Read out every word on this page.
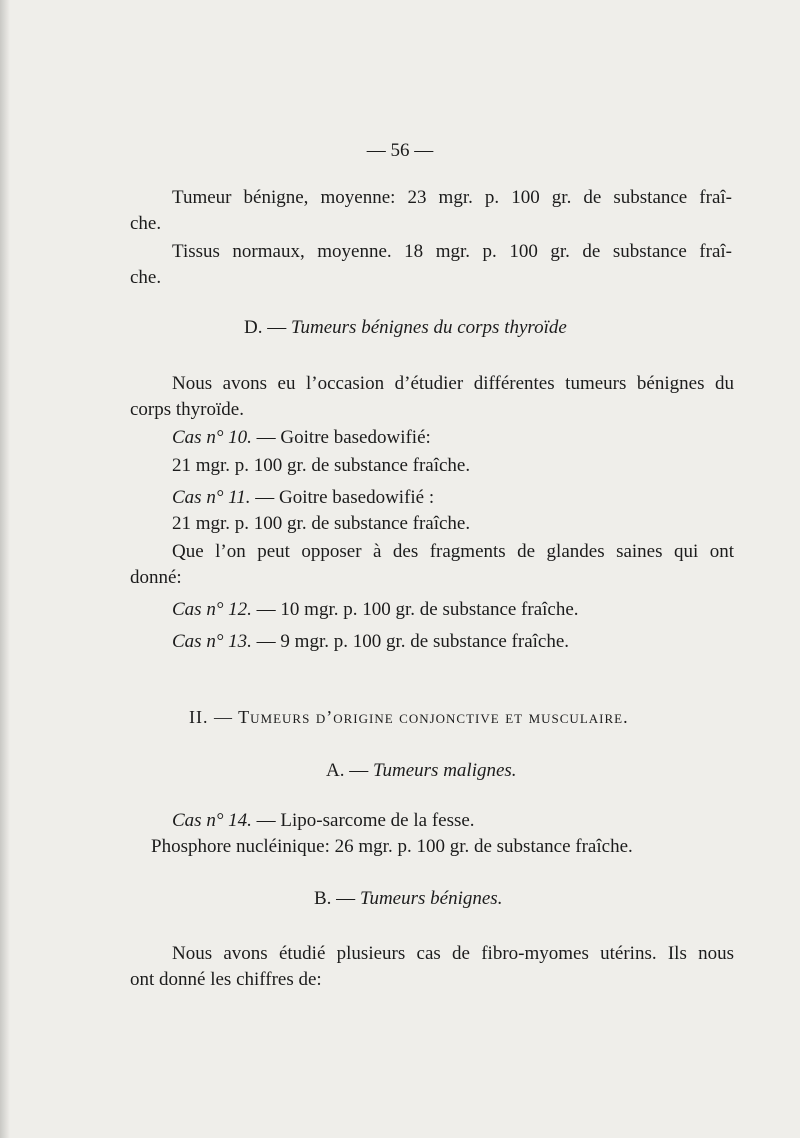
— 56 —
Tumeur bénigne, moyenne: 23 mgr. p. 100 gr. de substance fraî-
che.
Tissus normaux, moyenne. 18 mgr. p. 100 gr. de substance fraî-
che.
D. — Tumeurs bénignes du corps thyroïde
Nous avons eu l’occasion d’étudier différentes tumeurs bénignes du
corps thyroïde.
Cas n° 10. — Goitre basedowifié:
21 mgr. p. 100 gr. de substance fraîche.
Cas n° 11. — Goitre basedowifié :
21 mgr. p. 100 gr. de substance fraîche.
Que l’on peut opposer à des fragments de glandes saines qui ont
donné:
Cas n° 12. — 10 mgr. p. 100 gr. de substance fraîche.
Cas n° 13. — 9 mgr. p. 100 gr. de substance fraîche.
II. — Tumeurs d’origine conjonctive et musculaire.
A. — Tumeurs malignes.
Cas n° 14. — Lipo-sarcome de la fesse.
Phosphore nucléinique: 26 mgr. p. 100 gr. de substance fraîche.
B. — Tumeurs bénignes.
Nous avons étudié plusieurs cas de fibro-myomes utérins. Ils nous
ont donné les chiffres de:
